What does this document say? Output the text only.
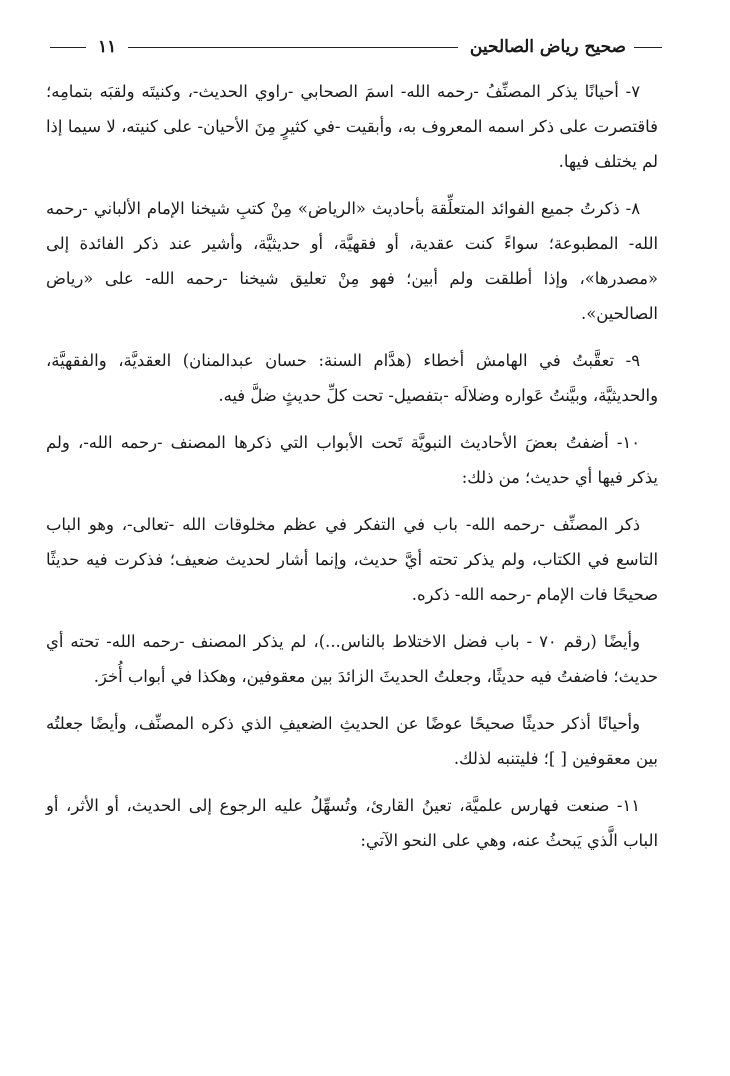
صحيح رياض الصالحين
١١

٧- أحيانًا يذكر المصنِّفُ -رحمه الله- اسمَ الصحابي -راوي الحديث-، وكنيتَه ولقبَه بتمامِه؛ فاقتصرت على ذكر اسمه المعروف به، وأبقيت -في كثيرٍ مِنَ الأحيان- على كنيته، لا سيما إذا لم يختلف فيها.

٨- ذكرتُ جميع الفوائد المتعلِّقة بأحاديث «الرياض» مِنْ كتبِ شيخنا الإمام الألباني -رحمه الله- المطبوعة؛ سواءً كنت عقدية، أو فقهيَّة، أو حديثيَّة، وأشير عند ذكر الفائدة إلى «مصدرها»، وإذا أطلقت ولم أبين؛ فهو مِنْ تعليق شيخنا -رحمه الله- على «رياض الصالحين».

٩- تعقَّبتُ في الهامش أخطاء (هدَّام السنة: حسان عبدالمنان) العقديَّة، والفقهيَّة، والحديثيَّة، وبيَّنتُ عَواره وضلالَه -بتفصيل- تحت كلِّ حديثٍ ضلَّ فيه.

١٠- أضفتُ بعضَ الأحاديث النبويَّة تَحت الأبواب التي ذكرها المصنف -رحمه الله-، ولم يذكر فيها أي حديث؛ من ذلك:

ذكر المصنِّف -رحمه الله- باب في التفكر في عظم مخلوقات الله -تعالى-، وهو الباب التاسع في الكتاب، ولم يذكر تحته أيَّ حديث، وإنما أشار لحديث ضعيف؛ فذكرت فيه حديثًا صحيحًا فات الإمام -رحمه الله- ذكره.

وأيضًا (رقم ٧٠ - باب فضل الاختلاط بالناس...)، لم يذكر المصنف -رحمه الله- تحته أي حديث؛ فاضفتُ فيه حديثًا، وجعلتُ الحديثَ الزائدَ بين معقوفين، وهكذا في أبواب أُخرَ.

وأحيانًا أذكر حديثًا صحيحًا عوضًا عن الحديثِ الضعيفِ الذي ذكره المصنِّف، وأيضًا جعلتُه بين معقوفين [ ]؛ فليتنبه لذلك.

١١- صنعت فهارس علميَّة، تعينُ القارئ، وتُسهِّلُ عليه الرجوع إلى الحديث، أو الأثر، أو الباب الَّذي يَبحثُ عنه، وهي على النحو الآتي:
